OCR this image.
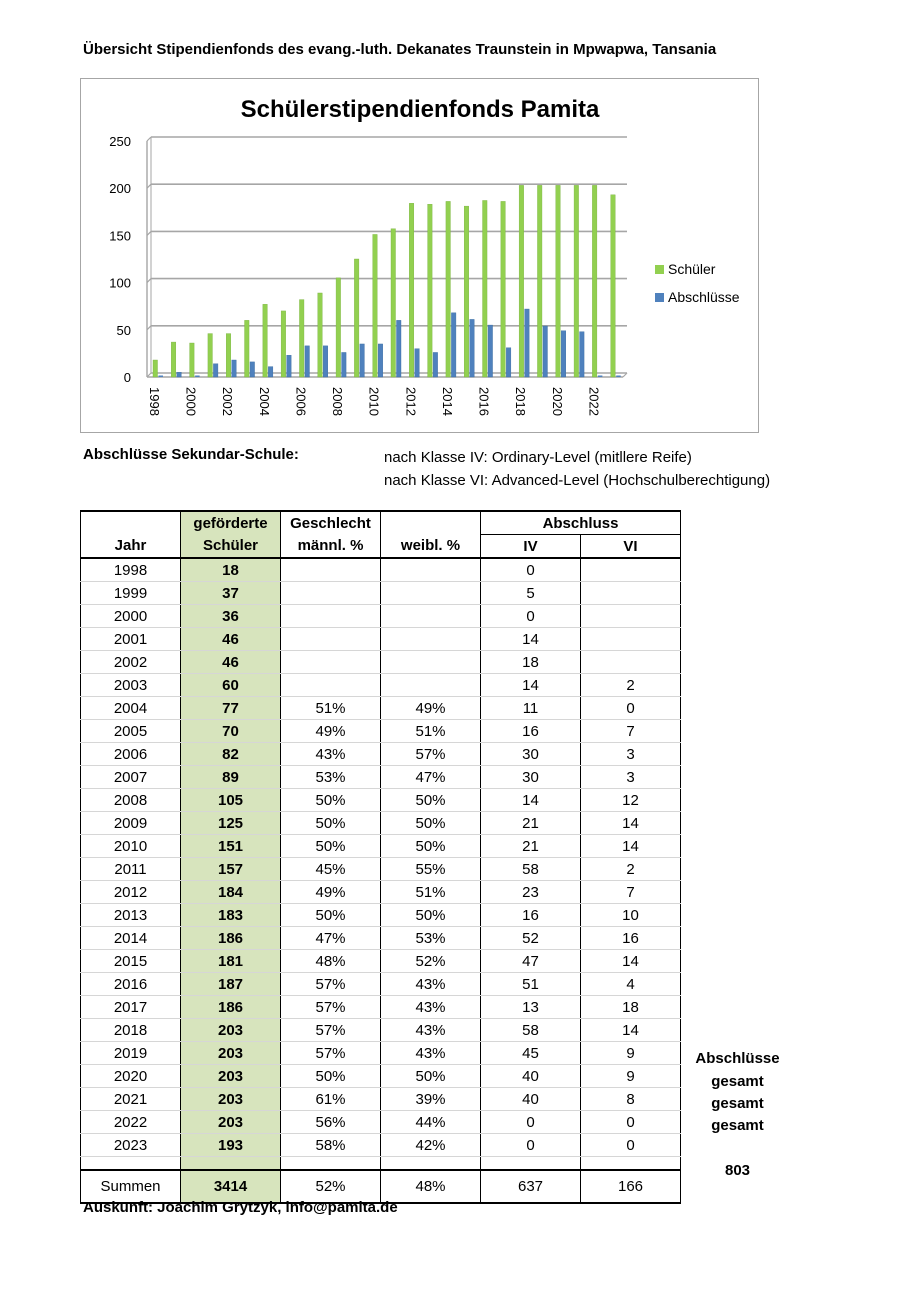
Übersicht Stipendienfonds des evang.-luth. Dekanates Traunstein in Mpwapwa, Tansania
Schülerstipendienfonds Pamita
0
50
100
150
200
250
1998 2000 2002 2004 2006 2008 2010 2012 2014 2016 2018 2020 2022
Schüler
Abschlüsse
Abschlüsse Sekundar-Schule:	nach Klasse IV: Ordinary-Level (mitllere Reife)
nach Klasse VI: Advanced-Level (Hochschulberechtigung)
	geförderte	Geschlecht		Abschluss	
Jahr	Schüler	männl. %	weibl. %	IV	VI
1998	18			0	
1999	37			5	
2000	36			0	
2001	46			14	
2002	46			18	
2003	60			14	2
2004	77	51%	49%	11	0
2005	70	49%	51%	16	7
2006	82	43%	57%	30	3
2007	89	53%	47%	30	3
2008	105	50%	50%	14	12
2009	125	50%	50%	21	14
2010	151	50%	50%	21	14
2011	157	45%	55%	58	2
2012	184	49%	51%	23	7
2013	183	50%	50%	16	10
2014	186	47%	53%	52	16
2015	181	48%	52%	47	14
2016	187	57%	43%	51	4
2017	186	57%	43%	13	18
2018	203	57%	43%	58	14
2019	203	57%	43%	45	9
2020	203	50%	50%	40	9
2021	203	61%	39%	40	8
2022	203	56%	44%	0	0
2023	193	58%	42%	0	0

Summen	3414	52%	48%	637	166
Abschlüsse
gesamt
gesamt
gesamt
803
Auskunft: Joachim Grytzyk, info@pamita.de
